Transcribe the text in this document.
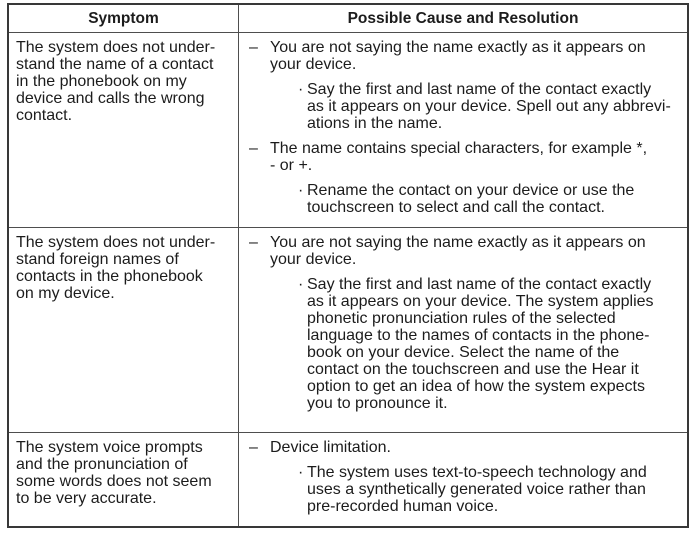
Symptom	Possible Cause and Resolution
The system does not understand the name of a contact in the phonebook on my device and calls the wrong contact.
– You are not saying the name exactly as it appears on your device.
· Say the first and last name of the contact exactly as it appears on your device. Spell out any abbreviations in the name.
– The name contains special characters, for example *, - or +.
· Rename the contact on your device or use the touchscreen to select and call the contact.
The system does not understand foreign names of contacts in the phonebook on my device.
– You are not saying the name exactly as it appears on your device.
· Say the first and last name of the contact exactly as it appears on your device. The system applies phonetic pronunciation rules of the selected language to the names of contacts in the phonebook on your device. Select the name of the contact on the touchscreen and use the Hear it option to get an idea of how the system expects you to pronounce it.
The system voice prompts and the pronunciation of some words does not seem to be very accurate.
– Device limitation.
· The system uses text-to-speech technology and uses a synthetically generated voice rather than pre-recorded human voice.
